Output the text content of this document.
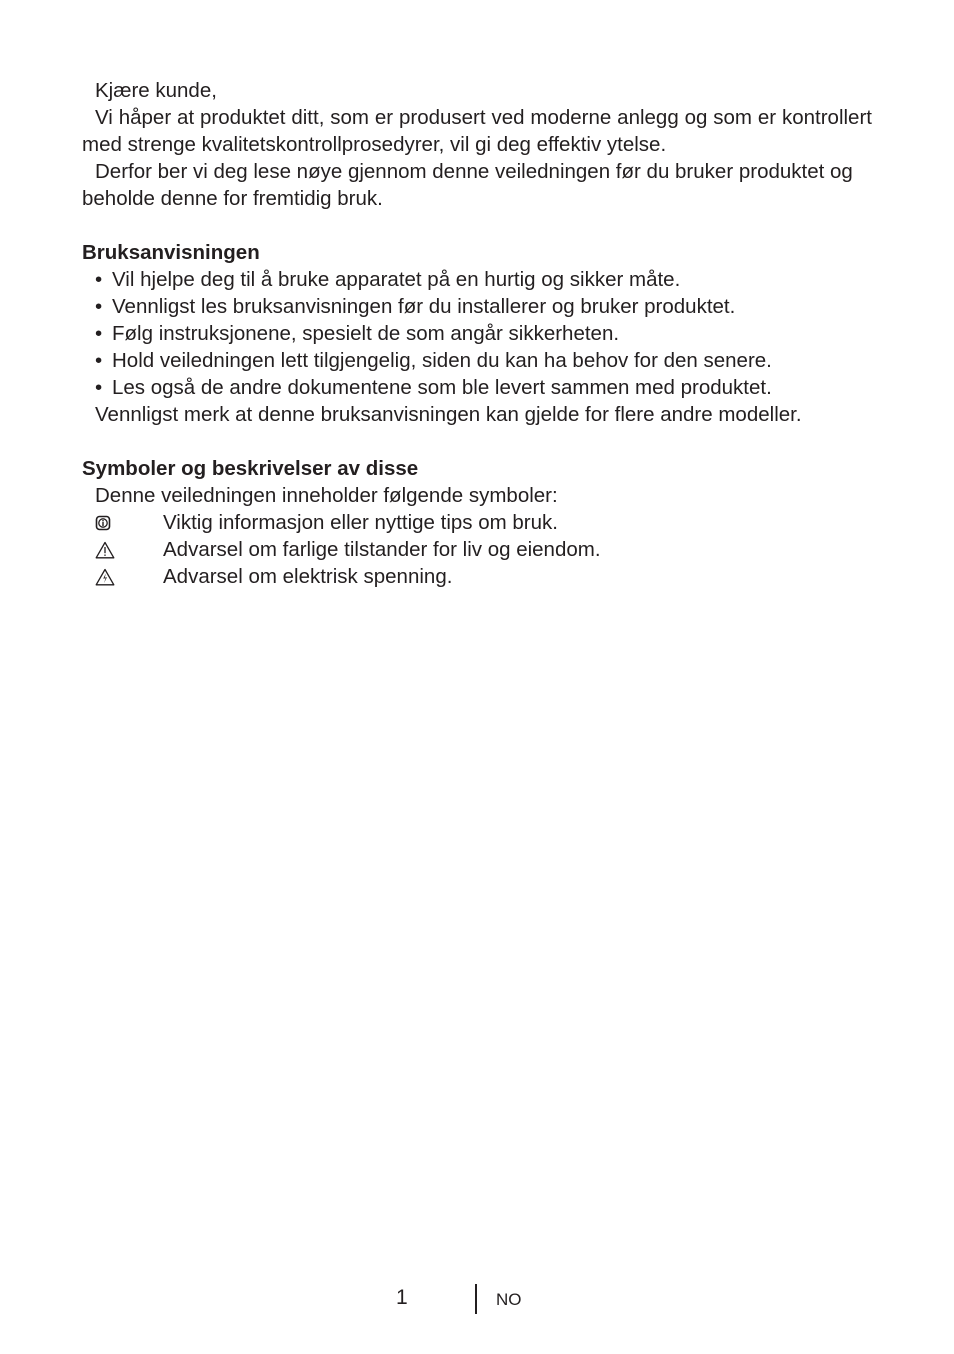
Kjære kunde,

Vi håper at produktet ditt, som er produsert ved moderne anlegg og som er kontrollert med strenge kvalitetskontrollprosedyrer, vil gi deg effektiv ytelse.

Derfor ber vi deg lese nøye gjennom denne veiledningen før du bruker produktet og beholde denne for fremtidig bruk.

Bruksanvisningen
• Vil hjelpe deg til å bruke apparatet på en hurtig og sikker måte.
• Vennligst les bruksanvisningen før du installerer og bruker produktet.
• Følg instruksjonene, spesielt de som angår sikkerheten.
• Hold veiledningen lett tilgjengelig, siden du kan ha behov for den senere.
• Les også de andre dokumentene som ble levert sammen med produktet.

Vennligst merk at denne bruksanvisningen kan gjelde for flere andre modeller.

Symboler og beskrivelser av disse

Denne veiledningen inneholder følgende symboler:

Viktig informasjon eller nyttige tips om bruk.
Advarsel om farlige tilstander for liv og eiendom.
Advarsel om elektrisk spenning.
1	NO
